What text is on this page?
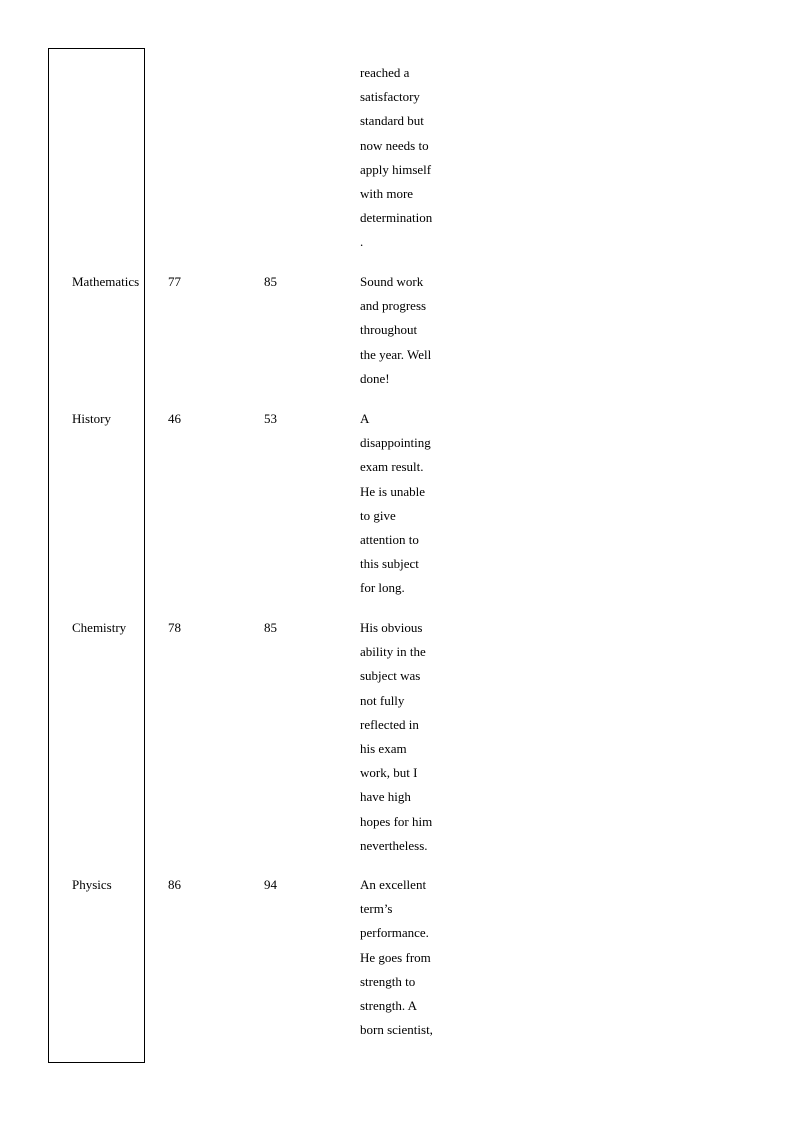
reached a
satisfactory
standard but
now needs to
apply himself
with more
determination
.
Mathematics 77	85	Sound work
and progress
throughout
the year. Well
done!
History	46	53	A
disappointing
exam result.
He is unable
to give
attention to
this subject
for long.
Chemistry	78	85	His obvious
ability in the
subject was
not fully
reflected in
his exam
work, but I
have high
hopes for him
nevertheless.
Physics	86	94	An excellent
term’s
performance.
He goes from
strength to
strength. A
born scientist,
